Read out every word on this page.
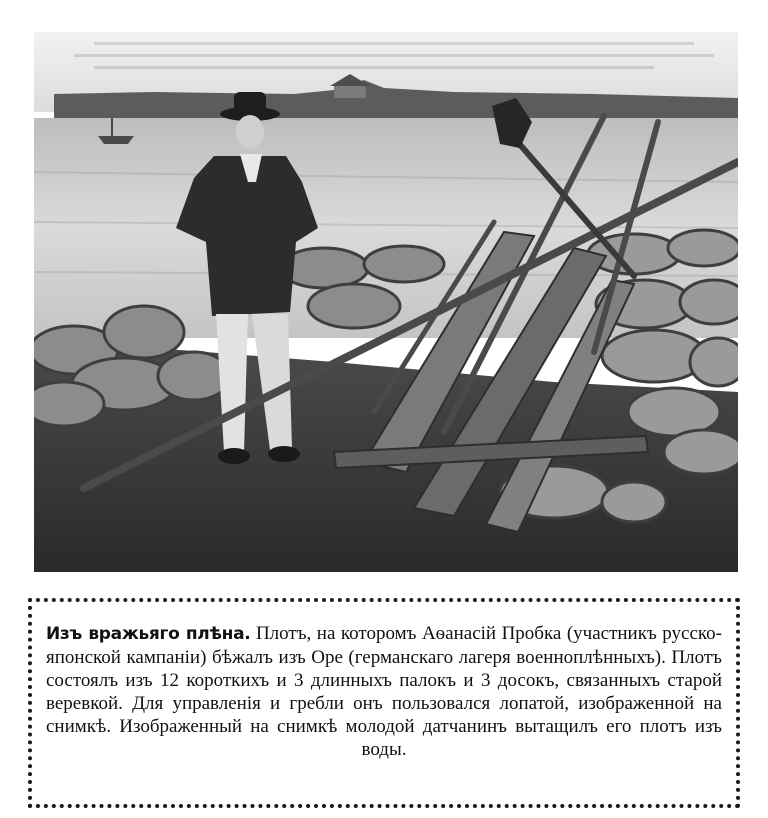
Изъ вражьяго плѣна. Плотъ, на которомъ Аѳанасій Пробка (участникъ русско-японской кампаніи) бѣжалъ изъ Оре (германскаго лагеря военноплѣнныхъ). Плотъ состоялъ изъ 12 короткихъ и 3 длинныхъ палокъ и 3 досокъ, связанныхъ старой веревкой. Для управленія и гребли онъ пользовался лопатой, изображенной на снимкѣ. Изображенный на снимкѣ молодой датчанинъ вытащилъ его плотъ изъ воды.
